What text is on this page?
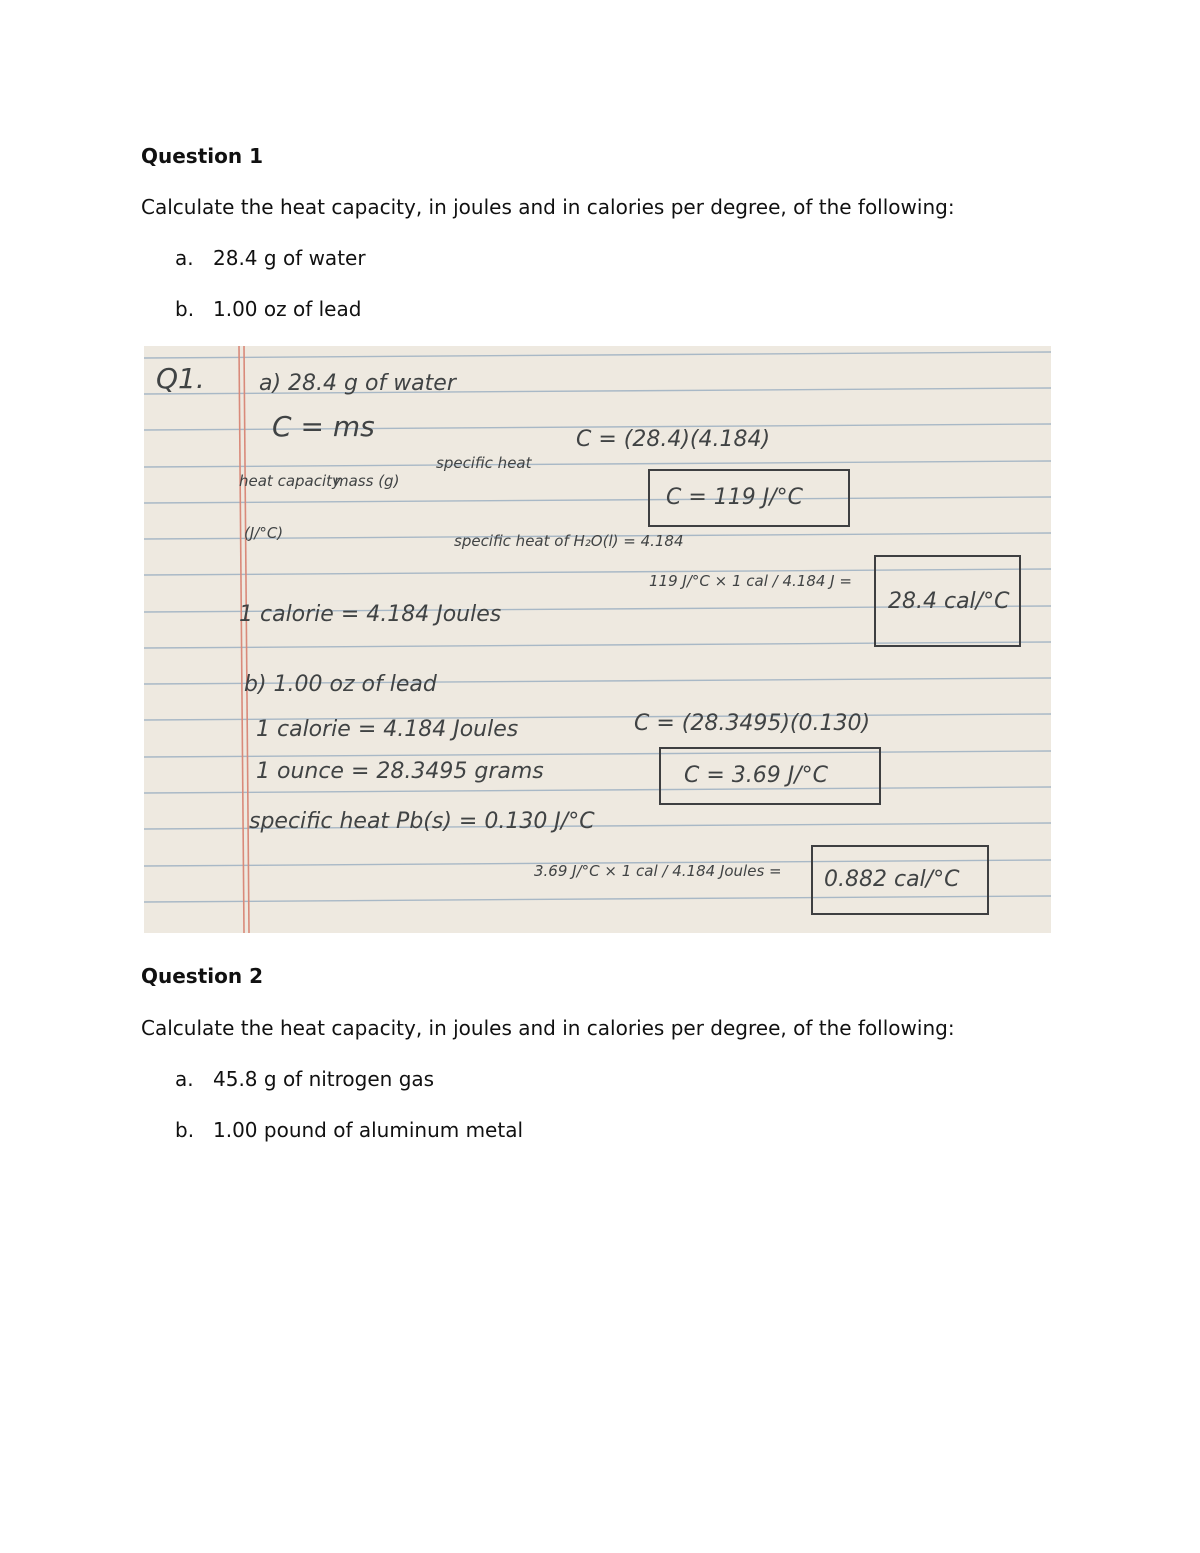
Question 1
Calculate the heat capacity, in joules and in calories per degree, of the following:
a. 28.4 g of water
b. 1.00 oz of lead
Q1. a) 28.4 g of water
C = ms
heat capacity
(J/°C)
mass (g)
specific heat
specific heat of H₂O(l) = 4.184
C = (28.4)(4.184)
C = 119 J/°C
1 calorie = 4.184 Joules
119 J/°C × 1 cal / 4.184 J =
28.4 cal/°C
b) 1.00 oz of lead
1 calorie = 4.184 Joules
1 ounce = 28.3495 grams
specific heat Pb(s) = 0.130 J/°C
C = (28.3495)(0.130)
C = 3.69 J/°C
3.69 J/°C × 1 cal / 4.184 Joules = 0.882 cal/°C
Question 2
Calculate the heat capacity, in joules and in calories per degree, of the following:
a. 45.8 g of nitrogen gas
b. 1.00 pound of aluminum metal
